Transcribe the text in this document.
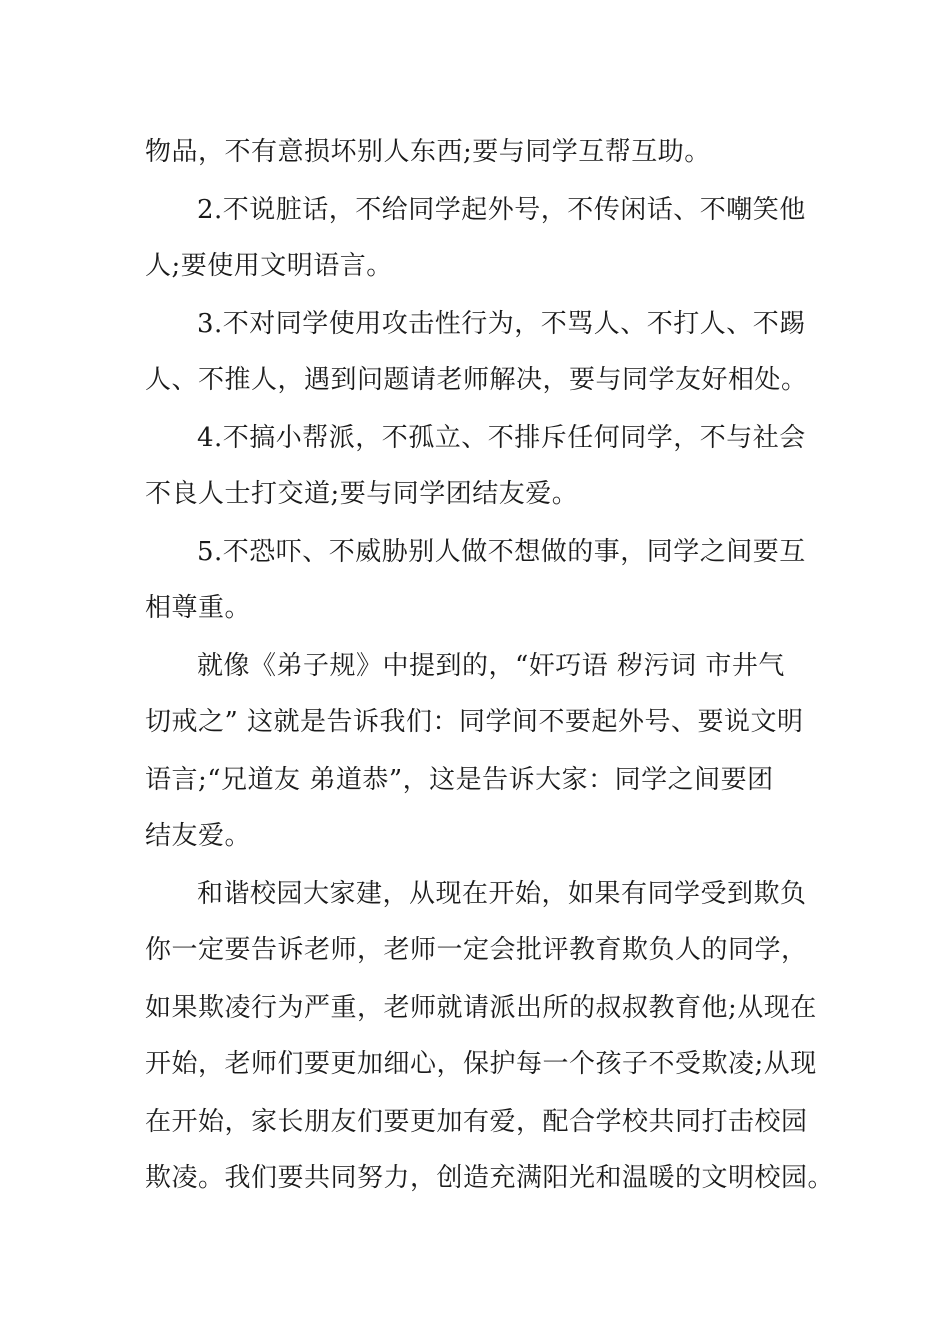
物品，不有意损坏别人东西;要与同学互帮互助。
2.不说脏话，不给同学起外号，不传闲话、不嘲笑他
人;要使用文明语言。
3.不对同学使用攻击性行为，不骂人、不打人、不踢
人、不推人，遇到问题请老师解决，要与同学友好相处。
4.不搞小帮派，不孤立、不排斥任何同学，不与社会
不良人士打交道;要与同学团结友爱。
5.不恐吓、不威胁别人做不想做的事，同学之间要互
相尊重。
就像《弟子规》中提到的，“奸巧语 秽污词 市井气
切戒之” 这就是告诉我们：同学间不要起外号、要说文明
语言;“兄道友 弟道恭”，这是告诉大家：同学之间要团
结友爱。
和谐校园大家建，从现在开始，如果有同学受到欺负
你一定要告诉老师，老师一定会批评教育欺负人的同学，
如果欺凌行为严重，老师就请派出所的叔叔教育他;从现在
开始，老师们要更加细心，保护每一个孩子不受欺凌;从现
在开始，家长朋友们要更加有爱，配合学校共同打击校园
欺凌。我们要共同努力，创造充满阳光和温暖的文明校园。
